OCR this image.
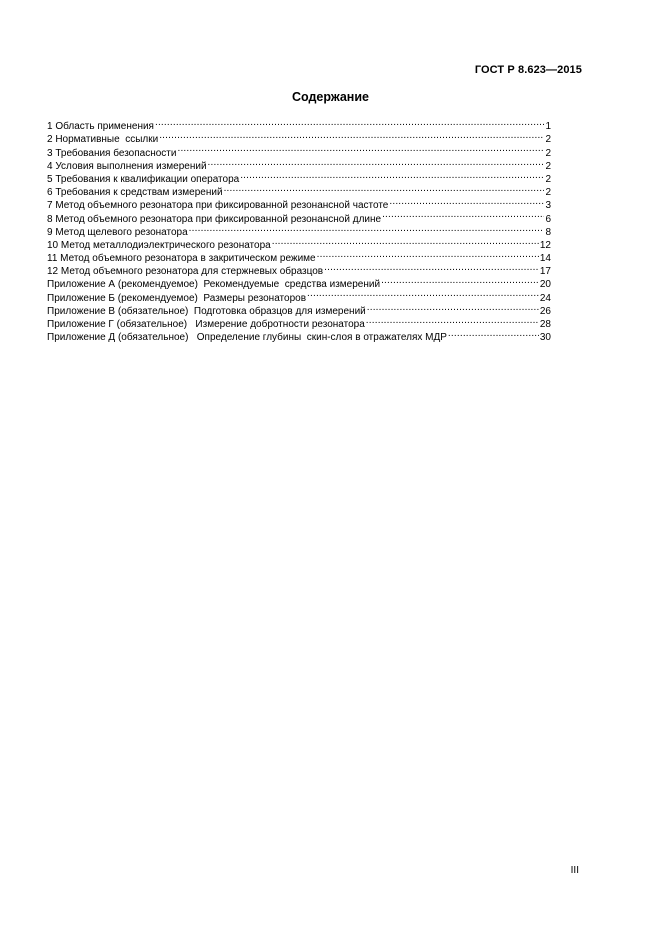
ГОСТ Р 8.623—2015
Содержание
1 Область применения .....	1
2 Нормативные  ссылки .....	2
3 Требования безопасности .....	2
4 Условия выполнения измерений .....	2
5 Требования к квалификации оператора .....	2
6 Требования к средствам измерений .....	2
7 Метод объемного резонатора при фиксированной резонансной частоте .....	3
8 Метод объемного резонатора при фиксированной резонансной длине .....	6
9 Метод щелевого резонатора .....	8
10 Метод металлодиэлектрического резонатора .....	12
11 Метод объемного резонатора в закритическом режиме .....	14
12 Метод объемного резонатора для стержневых образцов .....	17
Приложение А (рекомендуемое)  Рекомендуемые  средства измерений .....	20
Приложение Б (рекомендуемое)  Размеры резонаторов .....	24
Приложение В (обязательное)  Подготовка образцов для измерений .....	26
Приложение Г (обязательное)   Измерение добротности резонатора .....	28
Приложение Д (обязательное)   Определение глубины  скин-слоя в отражателях МДР .....	30
III
